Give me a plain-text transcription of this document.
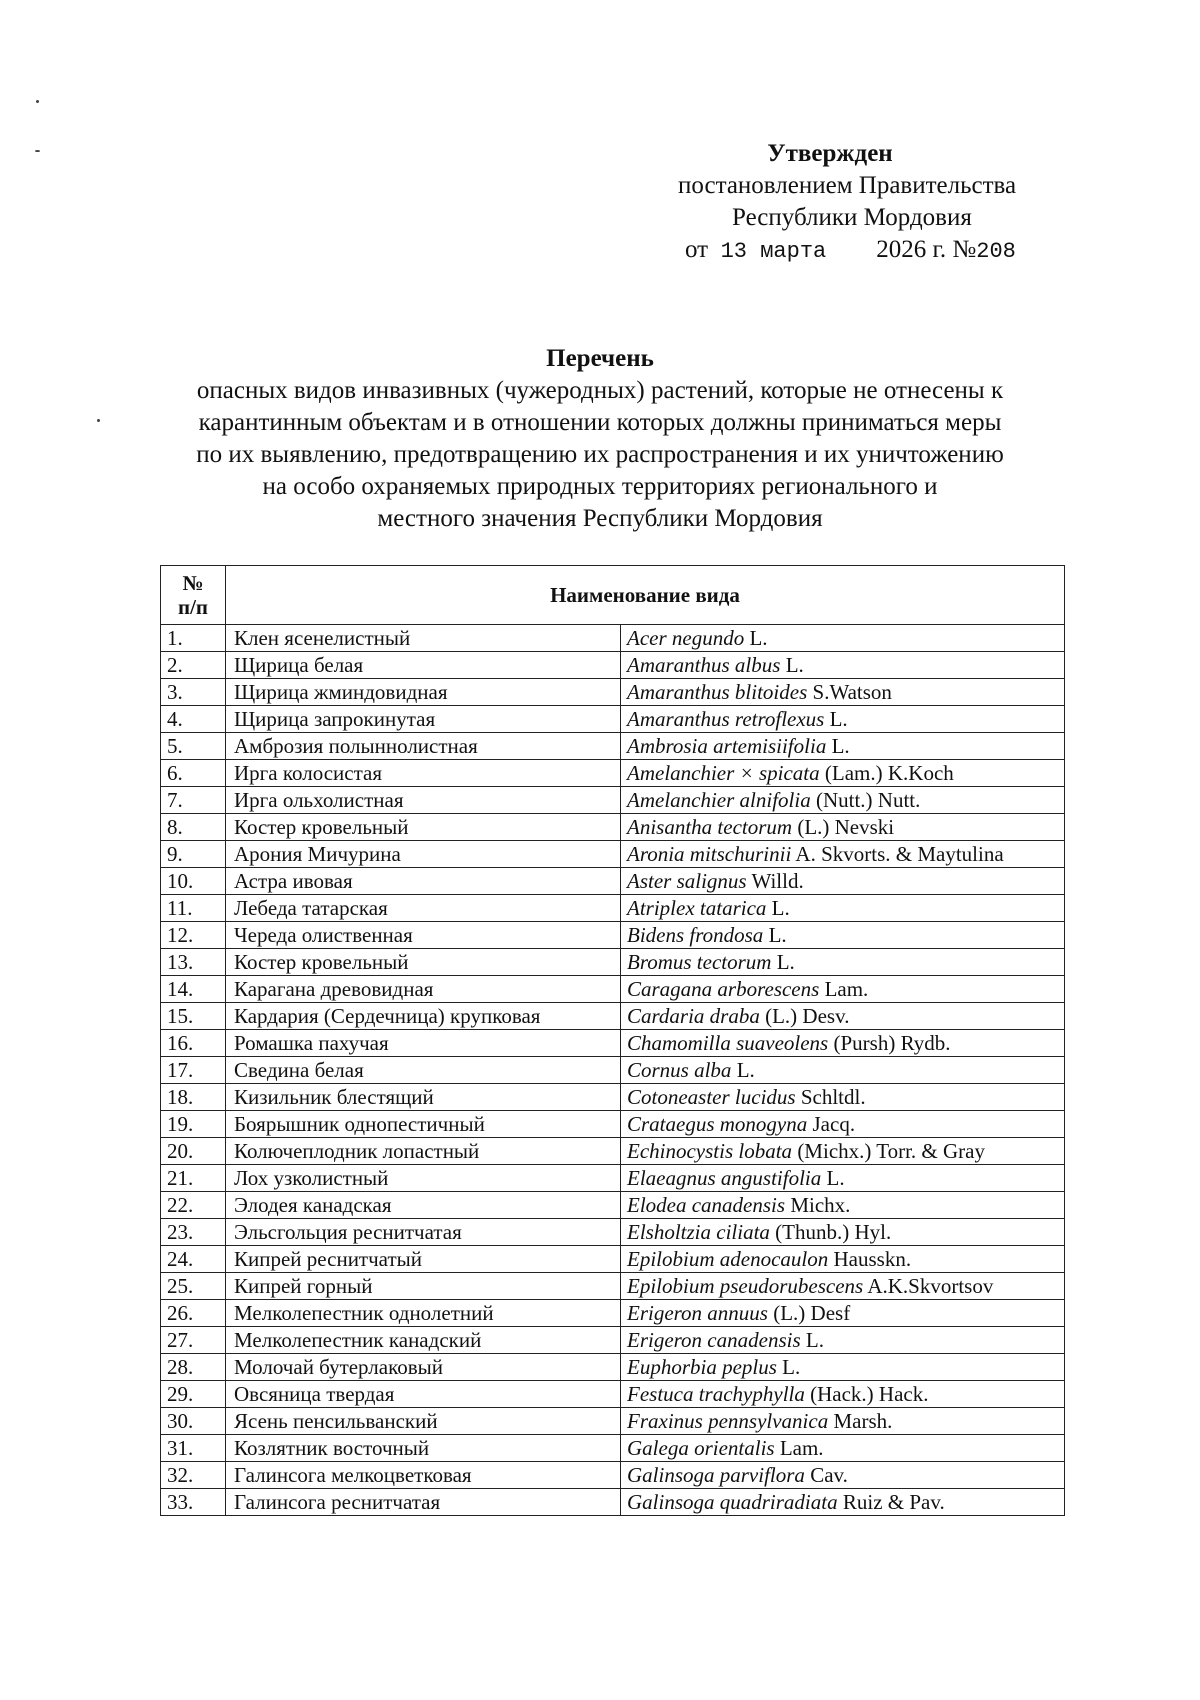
Утвержден
постановлением Правительства
Республики Мордовия
от 13 марта 2026 г. №208
Перечень
опасных видов инвазивных (чужеродных) растений, которые не отнесены к
карантинным объектам и в отношении которых должны приниматься меры
по их выявлению, предотвращению их распространения и их уничтожению
на особо охраняемых природных территориях регионального и
местного значения Республики Мордовия
№
п/п	Наименование вида	
1.	Клен ясенелистный	Acer negundo L.
2.	Щирица белая	Amaranthus albus L.
3.	Щирица жминдовидная	Amaranthus blitoides S.Watson
4.	Щирица запрокинутая	Amaranthus retroflexus L.
5.	Амброзия полыннолистная	Ambrosia artemisiifolia L.
6.	Ирга колосистая	Amelanchier × spicata (Lam.) K.Koch
7.	Ирга ольхолистная	Amelanchier alnifolia (Nutt.) Nutt.
8.	Костер кровельный	Anisantha tectorum (L.) Nevski
9.	Арония Мичурина	Aronia mitschurinii A. Skvorts. & Maytulina
10.	Астра ивовая	Aster salignus Willd.
11.	Лебеда татарская	Atriplex tatarica L.
12.	Череда олиственная	Bidens frondosa L.
13.	Костер кровельный	Bromus tectorum L.
14.	Карагана древовидная	Caragana arborescens Lam.
15.	Кардария (Сердечница) крупковая	Cardaria draba (L.) Desv.
16.	Ромашка пахучая	Chamomilla suaveolens (Pursh) Rydb.
17.	Сведина белая	Cornus alba L.
18.	Кизильник блестящий	Cotoneaster lucidus Schltdl.
19.	Боярышник однопестичный	Crataegus monogyna Jacq.
20.	Колючеплодник лопастный	Echinocystis lobata (Michx.) Torr. & Gray
21.	Лох узколистный	Elaeagnus angustifolia L.
22.	Элодея канадская	Elodea canadensis Michx.
23.	Эльсгольция реснитчатая	Elsholtzia ciliata (Thunb.) Hyl.
24.	Кипрей реснитчатый	Epilobium adenocaulon Hausskn.
25.	Кипрей горный	Epilobium pseudorubescens A.K.Skvortsov
26.	Мелколепестник однолетний	Erigeron annuus (L.) Desf
27.	Мелколепестник канадский	Erigeron canadensis L.
28.	Молочай бутерлаковый	Euphorbia peplus L.
29.	Овсяница твердая	Festuca trachyphylla (Hack.) Hack.
30.	Ясень пенсильванский	Fraxinus pennsylvanica Marsh.
31.	Козлятник восточный	Galega orientalis Lam.
32.	Галинсога мелкоцветковая	Galinsoga parviflora Cav.
33.	Галинсога реснитчатая	Galinsoga quadriradiata Ruiz & Pav.
